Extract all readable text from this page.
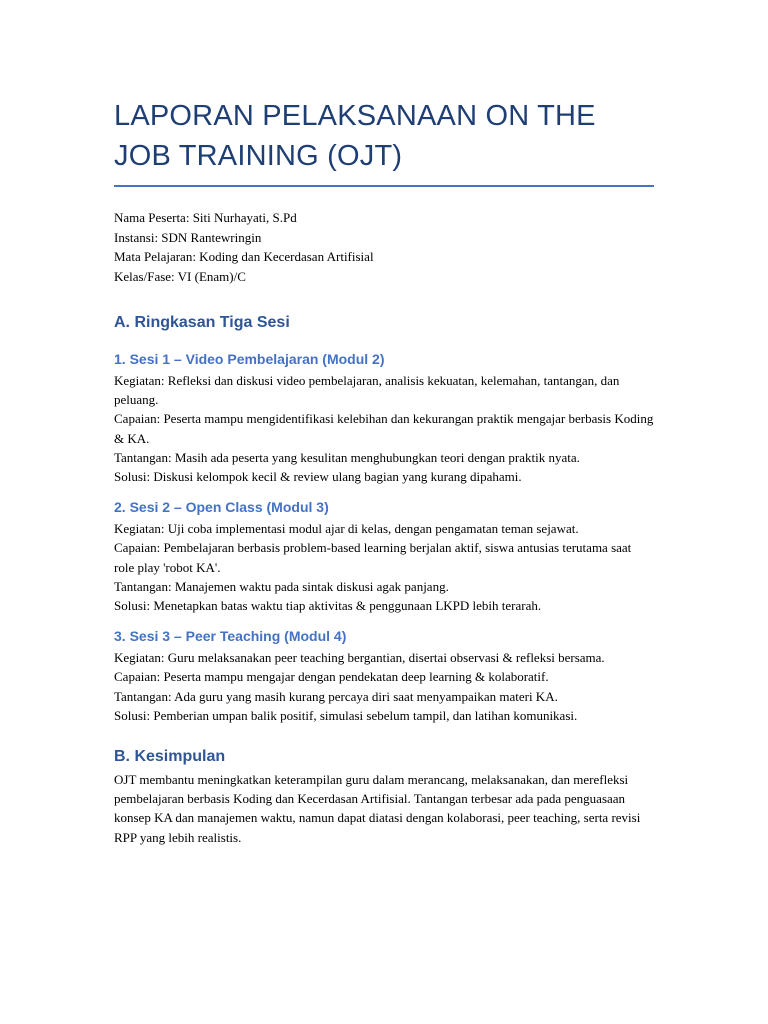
LAPORAN PELAKSANAAN ON THE JOB TRAINING (OJT)
Nama Peserta: Siti Nurhayati, S.Pd
Instansi: SDN Rantewringin
Mata Pelajaran: Koding dan Kecerdasan Artifisial
Kelas/Fase: VI (Enam)/C
A. Ringkasan Tiga Sesi
1. Sesi 1 – Video Pembelajaran (Modul 2)

Kegiatan: Refleksi dan diskusi video pembelajaran, analisis kekuatan, kelemahan, tantangan, dan peluang.

Capaian: Peserta mampu mengidentifikasi kelebihan dan kekurangan praktik mengajar berbasis Koding & KA.

Tantangan: Masih ada peserta yang kesulitan menghubungkan teori dengan praktik nyata.

Solusi: Diskusi kelompok kecil & review ulang bagian yang kurang dipahami.

2. Sesi 2 – Open Class (Modul 3)

Kegiatan: Uji coba implementasi modul ajar di kelas, dengan pengamatan teman sejawat.

Capaian: Pembelajaran berbasis problem-based learning berjalan aktif, siswa antusias terutama saat role play 'robot KA'.

Tantangan: Manajemen waktu pada sintak diskusi agak panjang.

Solusi: Menetapkan batas waktu tiap aktivitas & penggunaan LKPD lebih terarah.

3. Sesi 3 – Peer Teaching (Modul 4)

Kegiatan: Guru melaksanakan peer teaching bergantian, disertai observasi & refleksi bersama.

Capaian: Peserta mampu mengajar dengan pendekatan deep learning & kolaboratif.

Tantangan: Ada guru yang masih kurang percaya diri saat menyampaikan materi KA.

Solusi: Pemberian umpan balik positif, simulasi sebelum tampil, dan latihan komunikasi.

B. Kesimpulan
OJT membantu meningkatkan keterampilan guru dalam merancang, melaksanakan, dan merefleksi pembelajaran berbasis Koding dan Kecerdasan Artifisial. Tantangan terbesar ada pada penguasaan konsep KA dan manajemen waktu, namun dapat diatasi dengan kolaborasi, peer teaching, serta revisi RPP yang lebih realistis.
